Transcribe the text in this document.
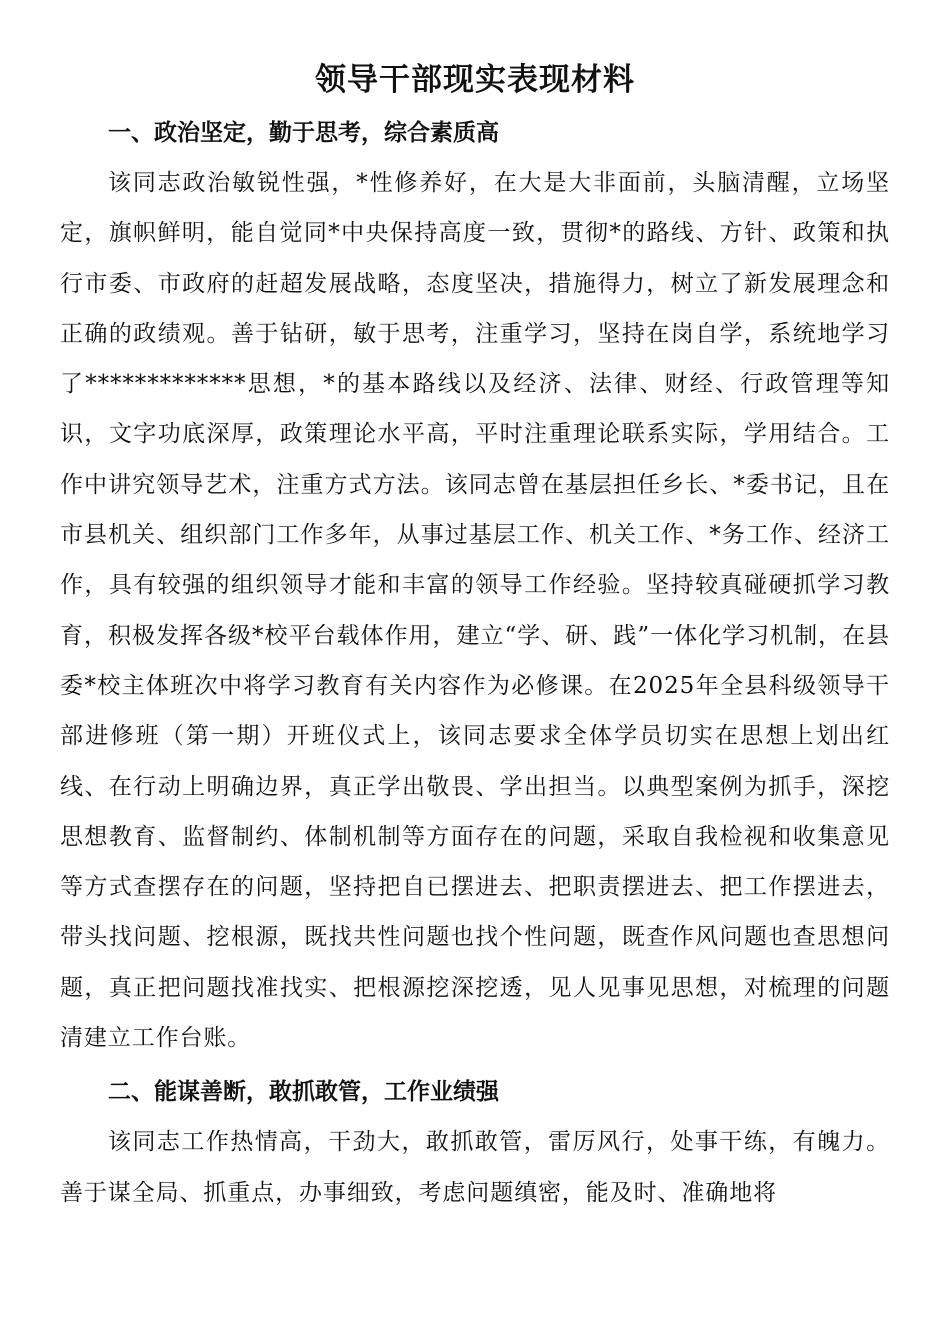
领导干部现实表现材料
一、政治坚定，勤于思考，综合素质高

该同志政治敏锐性强，*性修养好，在大是大非面前，头脑清醒，立场坚定，旗帜鲜明，能自觉同*中央保持高度一致，贯彻*的路线、方针、政策和执行市委、市政府的赶超发展战略，态度坚决，措施得力，树立了新发展理念和正确的政绩观。善于钻研，敏于思考，注重学习，坚持在岗自学，系统地学习了*************思想，*的基本路线以及经济、法律、财经、行政管理等知识，文字功底深厚，政策理论水平高，平时注重理论联系实际，学用结合。工作中讲究领导艺术，注重方式方法。该同志曾在基层担任乡长、*委书记，且在市县机关、组织部门工作多年，从事过基层工作、机关工作、*务工作、经济工作，具有较强的组织领导才能和丰富的领导工作经验。坚持较真碰硬抓学习教育，积极发挥各级*校平台载体作用，建立“学、研、践”一体化学习机制，在县委*校主体班次中将学习教育有关内容作为必修课。在2025年全县科级领导干部进修班（第一期）开班仪式上，该同志要求全体学员切实在思想上划出红线、在行动上明确边界，真正学出敬畏、学出担当。以典型案例为抓手，深挖思想教育、监督制约、体制机制等方面存在的问题，采取自我检视和收集意见等方式查摆存在的问题，坚持把自已摆进去、把职责摆进去、把工作摆进去，带头找问题、挖根源，既找共性问题也找个性问题，既查作风问题也查思想问题，真正把问题找准找实、把根源挖深挖透，见人见事见思想，对梳理的问题清建立工作台账。

二、能谋善断，敢抓敢管，工作业绩强

该同志工作热情高，干劲大，敢抓敢管，雷厉风行，处事干练，有魄力。善于谋全局、抓重点，办事细致，考虑问题缜密，能及时、准确地将
